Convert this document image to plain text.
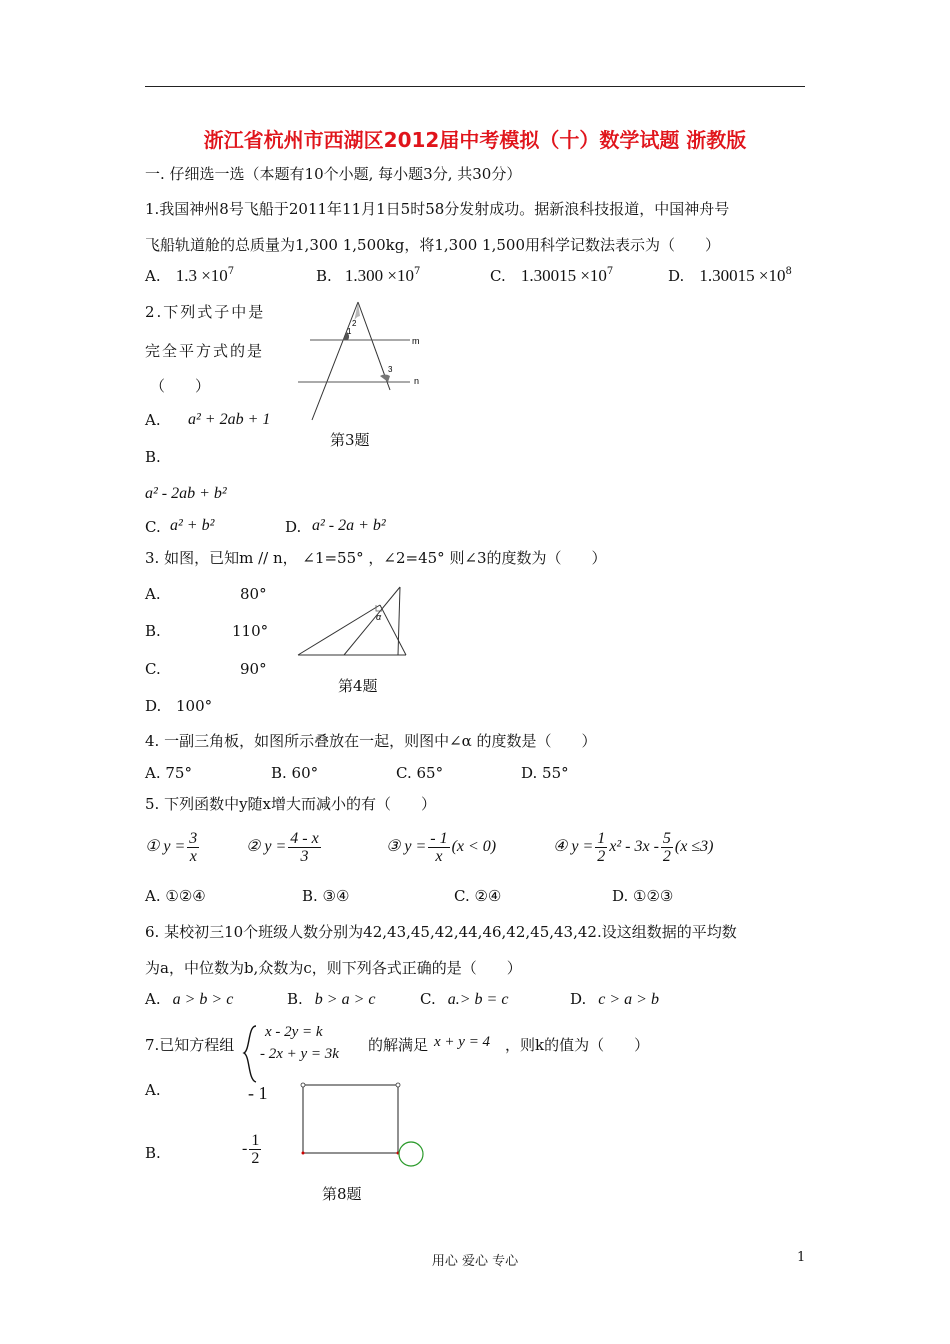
浙江省杭州市西湖区2012届中考模拟（十）数学试题 浙教版
一. 仔细选一选（本题有10个小题, 每小题3分, 共30分）
1.我国神州8号飞船于2011年11月1日5时58分发射成功。据新浪科技报道，中国神舟号
飞船轨道舱的总质量为1,300 1,500kg，将1,300 1,500用科学记数法表示为（　　）
A. $1.3 \times 10^7$	B. $1.300 \times 10^7$	C. $1.30015 \times 10^7$	D. $1.30015 \times 10^8$
2.下列式子中是
完全平方式的是
（　　）
A. a² + 2ab + 1
B.
a² - 2ab + b²
C. a² + b²	D. a² - 2a + b²
1
2
3
m
n
第3题
3. 如图，已知m // n， ∠1=55° ，∠2=45° 则∠3的度数为（　　）
A.	80°
B.	110°
C.	90°
D. 100°
α
第4题
4. 一副三角板，如图所示叠放在一起，则图中∠α 的度数是（　　）
A. 75°	B. 60°	C. 65°	D. 55°
5. 下列函数中y随x增大而减小的有（　　）
① $y = \frac{3}{x}$	② $y = \frac{4 - x}{3}$	③ $y = \frac{- 1}{x} (x < 0)$	④ $y = \frac{1}{2} x^2 - 3x - \frac{5}{2} (x \le 3)$
A. ①②④	B. ③④	C. ②④	D. ①②③
6. 某校初三10个班级人数分别为42,43,45,42,44,46,42,45,43,42.设这组数据的平均数
为a，中位数为b,众数为c，则下列各式正确的是（　　）
A. a > b > c	B. b > a > c	C. a.> b = c	D. c > a > b
7.已知方程组
x - 2y = k
- 2x + y = 3k 的解满足 x + y = 4 ，则k的值为（　　）
A.	- 1
B.	- $\frac{1}{2}$
第8题
用心 爱心 专心	1
